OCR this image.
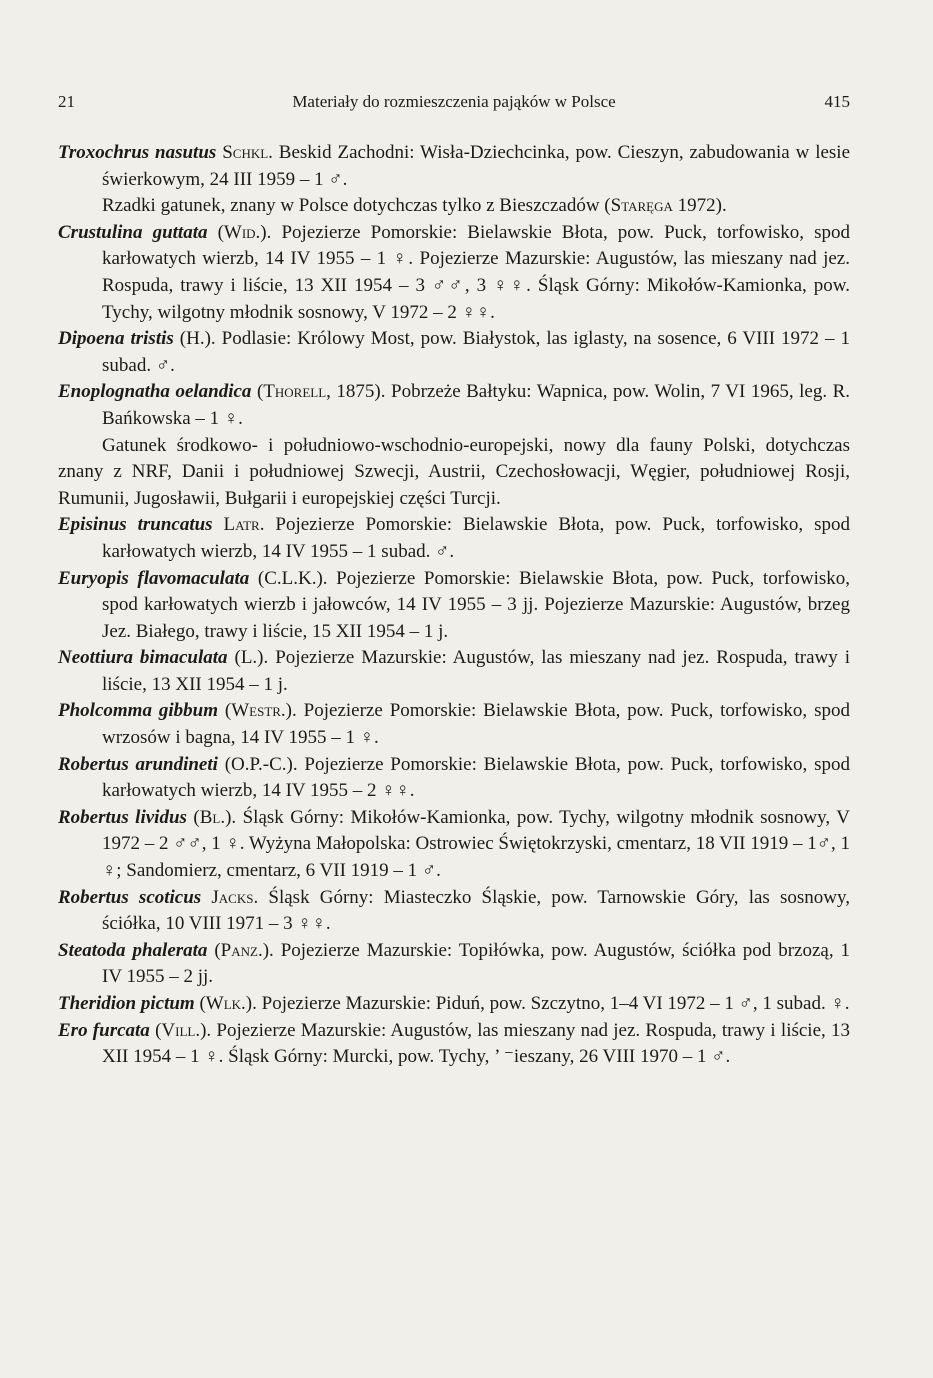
21	Materiały do rozmieszczenia pająków w Polsce	415

Troxochrus nasutus Schkl. Beskid Zachodni: Wisła-Dziechcinka, pow. Cieszyn, zabudowania w lesie świerkowym, 24 III 1959 – 1 ♂.

Rzadki gatunek, znany w Polsce dotychczas tylko z Bieszczadów (Staręga 1972).

Crustulina guttata (Wid.). Pojezierze Pomorskie: Bielawskie Błota, pow. Puck, torfowisko, spod karłowatych wierzb, 14 IV 1955 – 1 ♀. Pojezierze Mazurskie: Augustów, las mieszany nad jez. Rospuda, trawy i liście, 13 XII 1954 – 3 ♂♂, 3 ♀♀. Śląsk Górny: Mikołów-Kamionka, pow. Tychy, wilgotny młodnik sosnowy, V 1972 – 2 ♀♀.

Dipoena tristis (H.). Podlasie: Królowy Most, pow. Białystok, las iglasty, na sosence, 6 VIII 1972 – 1 subad. ♂.

Enoplognatha oelandica (Thorell, 1875). Pobrzeże Bałtyku: Wapnica, pow. Wolin, 7 VI 1965, leg. R. Bańkowska – 1 ♀.

Gatunek środkowo- i południowo-wschodnio-europejski, nowy dla fauny Polski, dotychczas znany z NRF, Danii i południowej Szwecji, Austrii, Czechosłowacji, Węgier, południowej Rosji, Rumunii, Jugosławii, Bułgarii i europejskiej części Turcji.

Episinus truncatus Latr. Pojezierze Pomorskie: Bielawskie Błota, pow. Puck, torfowisko, spod karłowatych wierzb, 14 IV 1955 – 1 subad. ♂.

Euryopis flavomaculata (C.L.K.). Pojezierze Pomorskie: Bielawskie Błota, pow. Puck, torfowisko, spod karłowatych wierzb i jałowców, 14 IV 1955 – 3 jj. Pojezierze Mazurskie: Augustów, brzeg Jez. Białego, trawy i liście, 15 XII 1954 – 1 j.

Neottiura bimaculata (L.). Pojezierze Mazurskie: Augustów, las mieszany nad jez. Rospuda, trawy i liście, 13 XII 1954 – 1 j.

Pholcomma gibbum (Westr.). Pojezierze Pomorskie: Bielawskie Błota, pow. Puck, torfowisko, spod wrzosów i bagna, 14 IV 1955 – 1 ♀.

Robertus arundineti (O.P.-C.). Pojezierze Pomorskie: Bielawskie Błota, pow. Puck, torfowisko, spod karłowatych wierzb, 14 IV 1955 – 2 ♀♀.

Robertus lividus (Bl.). Śląsk Górny: Mikołów-Kamionka, pow. Tychy, wilgotny młodnik sosnowy, V 1972 – 2 ♂♂, 1 ♀. Wyżyna Małopolska: Ostrowiec Świętokrzyski, cmentarz, 18 VII 1919 – 1♂, 1 ♀; Sandomierz, cmentarz, 6 VII 1919 – 1 ♂.

Robertus scoticus Jacks. Śląsk Górny: Miasteczko Śląskie, pow. Tarnowskie Góry, las sosnowy, ściółka, 10 VIII 1971 – 3 ♀♀.

Steatoda phalerata (Panz.). Pojezierze Mazurskie: Topiłówka, pow. Augustów, ściółka pod brzozą, 1 IV 1955 – 2 jj.

Theridion pictum (Wlk.). Pojezierze Mazurskie: Piduń, pow. Szczytno, 1–4 VI 1972 – 1 ♂, 1 subad. ♀.

Ero furcata (Vill.). Pojezierze Mazurskie: Augustów, las mieszany nad jez. Rospuda, trawy i liście, 13 XII 1954 – 1 ♀. Śląsk Górny: Murcki, pow. Tychy, ’ ⁻ieszany, 26 VIII 1970 – 1 ♂.
